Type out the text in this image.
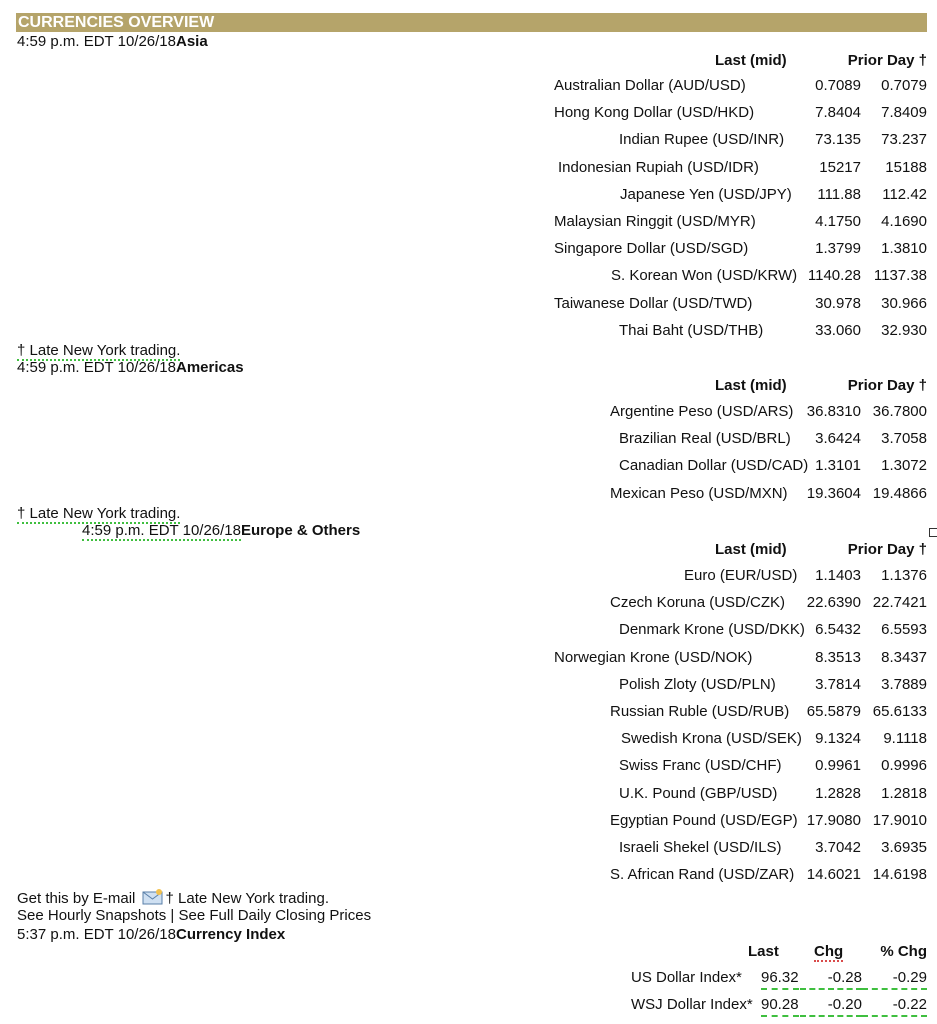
CURRENCIES OVERVIEW
4:59 p.m. EDT 10/26/18Asia
Last (mid)	Prior Day †
Australian Dollar (AUD/USD)	0.7089 0.7079
Hong Kong Dollar (USD/HKD)	7.8404 7.8409
Indian Rupee (USD/INR) 73.135 73.237
Indonesian Rupiah (USD/IDR)	15217 15188
Japanese Yen (USD/JPY) 111.88 112.42
Malaysian Ringgit (USD/MYR)	4.1750 4.1690
Singapore Dollar (USD/SGD)	1.3799 1.3810
S. Korean Won (USD/KRW) 1140.28 1137.38
Taiwanese Dollar (USD/TWD)	30.978 30.966
Thai Baht (USD/THB)	33.060 32.930
† Late New York trading.
4:59 p.m. EDT 10/26/18Americas
Last (mid)	Prior Day †
Argentine Peso (USD/ARS) 36.8310 36.7800
Brazilian Real (USD/BRL) 3.6424 3.7058
Canadian Dollar (USD/CAD) 1.3101 1.3072
Mexican Peso (USD/MXN) 19.3604 19.4866
† Late New York trading.
4:59 p.m. EDT 10/26/18Europe & Others
Last (mid)	Prior Day †
Euro (EUR/USD) 1.1403 1.1376
Czech Koruna (USD/CZK) 22.6390 22.7421
Denmark Krone (USD/DKK) 6.5432 6.5593
Norwegian Krone (USD/NOK)	8.3513 8.3437
Polish Zloty (USD/PLN)	3.7814 3.7889
Russian Ruble (USD/RUB) 65.5879 65.6133
Swedish Krona (USD/SEK) 9.1324 9.1118
Swiss Franc (USD/CHF) 0.9961 0.9996
U.K. Pound (GBP/USD)	1.2828 1.2818
Egyptian Pound (USD/EGP) 17.9080 17.9010
Israeli Shekel (USD/ILS) 3.7042 3.6935
S. African Rand (USD/ZAR) 14.6021 14.6198
Get this by E-mail † Late New York trading.
See Hourly Snapshots | See Full Daily Closing Prices
5:37 p.m. EDT 10/26/18Currency Index
Last Chg % Chg
US Dollar Index* 96.32	-0.28	-0.29
WSJ Dollar Index* 90.28	-0.20	-0.22
